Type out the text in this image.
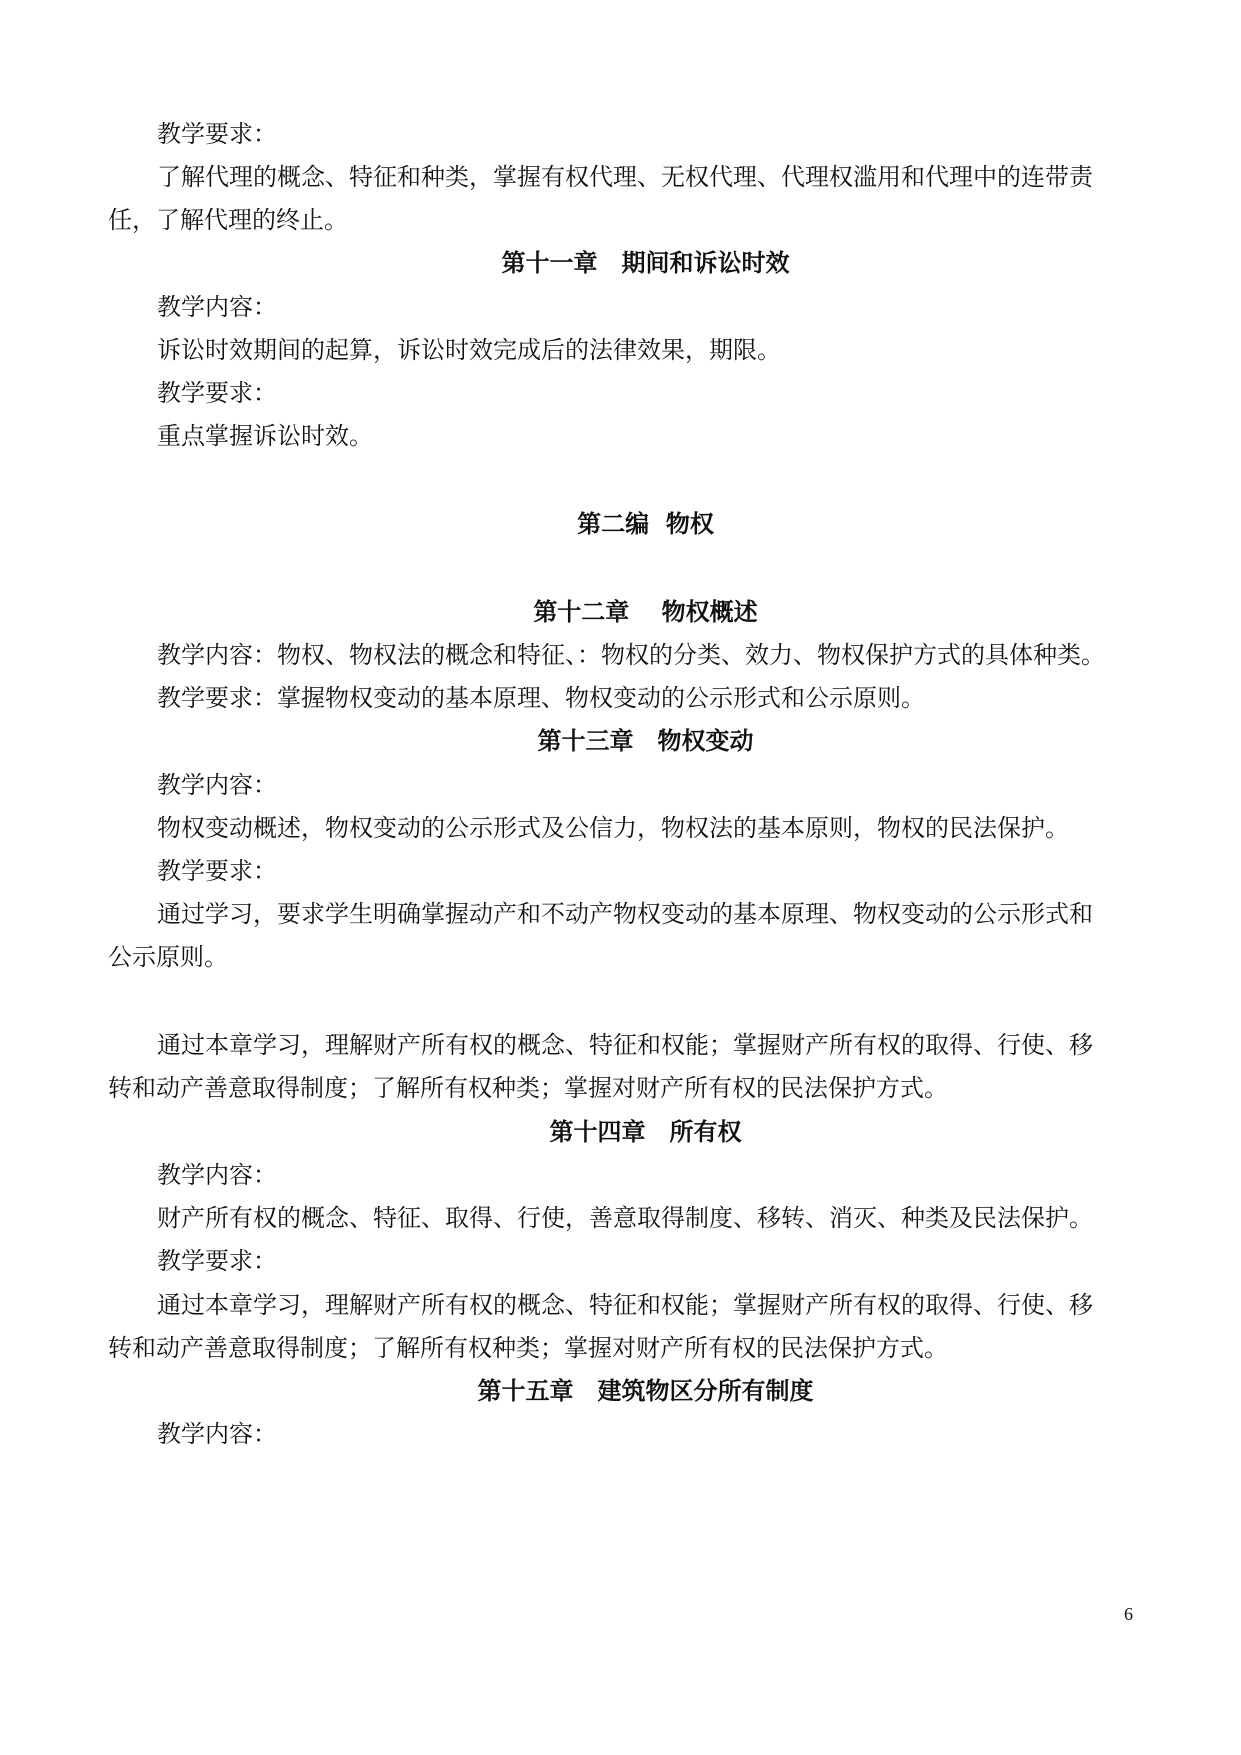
教学要求：
了解代理的概念、特征和种类，掌握有权代理、无权代理、代理权滥用和代理中的连带责
任，了解代理的终止。
第十一章　期间和诉讼时效
教学内容：
诉讼时效期间的起算，诉讼时效完成后的法律效果，期限。
教学要求：
重点掌握诉讼时效。
第二编  物权
第十二章　 物权概述
教学内容：物权、物权法的概念和特征、：物权的分类、效力、物权保护方式的具体种类。
教学要求：掌握物权变动的基本原理、物权变动的公示形式和公示原则。
第十三章　物权变动
教学内容：
物权变动概述，物权变动的公示形式及公信力，物权法的基本原则，物权的民法保护。
教学要求：
通过学习，要求学生明确掌握动产和不动产物权变动的基本原理、物权变动的公示形式和
公示原则。
通过本章学习，理解财产所有权的概念、特征和权能；掌握财产所有权的取得、行使、移
转和动产善意取得制度；了解所有权种类；掌握对财产所有权的民法保护方式。
第十四章　所有权
教学内容：
财产所有权的概念、特征、取得、行使，善意取得制度、移转、消灭、种类及民法保护。
教学要求：
通过本章学习，理解财产所有权的概念、特征和权能；掌握财产所有权的取得、行使、移
转和动产善意取得制度；了解所有权种类；掌握对财产所有权的民法保护方式。
第十五章　建筑物区分所有制度
教学内容：
6
